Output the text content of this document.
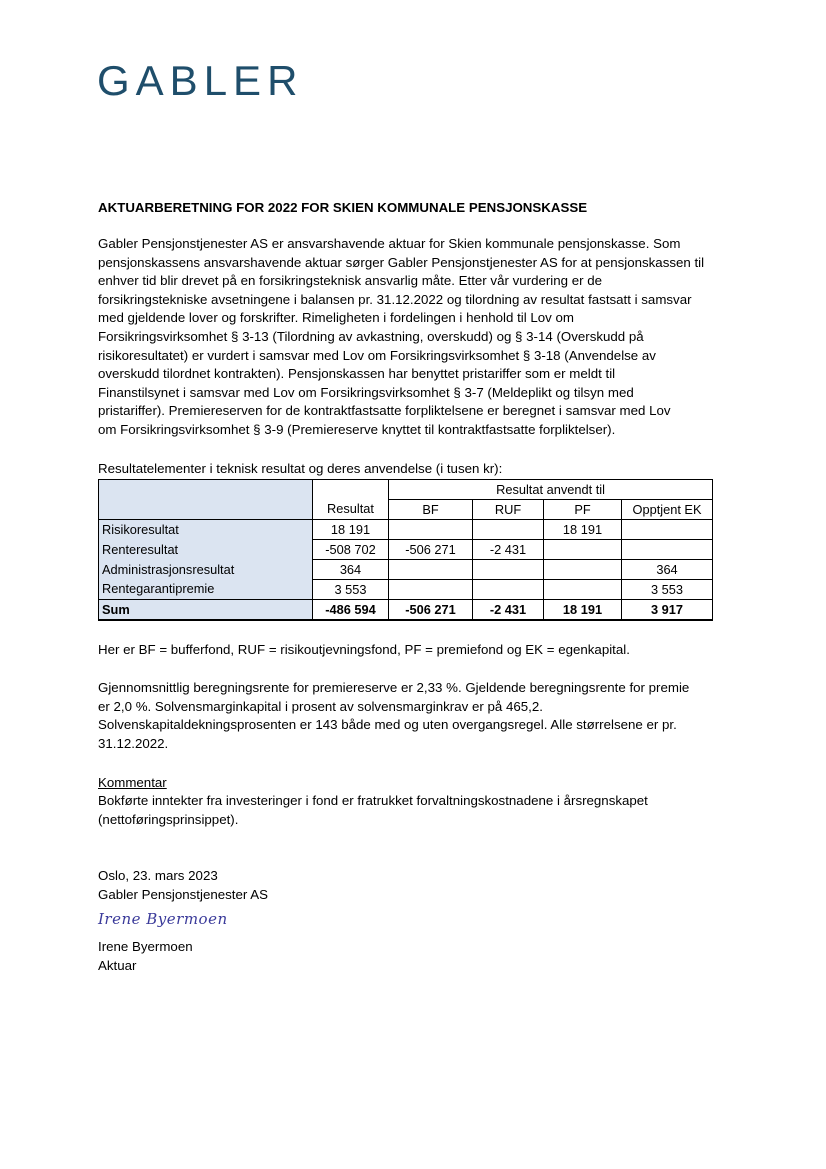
GABLER

AKTUARBERETNING FOR 2022 FOR SKIEN KOMMUNALE PENSJONSKASSE

Gabler Pensjonstjenester AS er ansvarshavende aktuar for Skien kommunale pensjonskasse. Som

pensjonskassens ansvarshavende aktuar sørger Gabler Pensjonstjenester AS for at pensjonskassen til

enhver tid blir drevet på en forsikringsteknisk ansvarlig måte. Etter vår vurdering er de

forsikringstekniske avsetningene i balansen pr. 31.12.2022 og tilordning av resultat fastsatt i samsvar

med gjeldende lover og forskrifter. Rimeligheten i fordelingen i henhold til Lov om

Forsikringsvirksomhet § 3-13 (Tilordning av avkastning, overskudd) og § 3-14 (Overskudd på

risikoresultatet) er vurdert i samsvar med Lov om Forsikringsvirksomhet § 3-18 (Anvendelse av

overskudd tilordnet kontrakten). Pensjonskassen har benyttet pristariffer som er meldt til

Finanstilsynet i samsvar med Lov om Forsikringsvirksomhet § 3-7 (Meldeplikt og tilsyn med

pristariffer). Premiereserven for de kontraktfastsatte forpliktelsene er beregnet i samsvar med Lov

om Forsikringsvirksomhet § 3-9 (Premiereserve knyttet til kontraktfastsatte forpliktelser).

Resultatelementer i teknisk resultat og deres anvendelse (i tusen kr):
		Resultat anvendt til			
	Resultat	BF	RUF	PF	Opptjent EK
Risikoresultat	18 191			18 191	
Renteresultat	-508 702	-506 271	-2 431		
Administrasjonsresultat	364				364
Rentegarantipremie	3 553				3 553
Sum	-486 594	-506 271	-2 431	18 191	3 917

Her er BF = bufferfond, RUF = risikoutjevningsfond, PF = premiefond og EK = egenkapital.

Gjennomsnittlig beregningsrente for premiereserve er 2,33 %. Gjeldende beregningsrente for premie

er 2,0 %. Solvensmarginkapital i prosent av solvensmarginkrav er på 465,2.

Solvenskapitaldekningsprosenten er 143 både med og uten overgangsregel. Alle størrelsene er pr.

31.12.2022.

Kommentar

Bokførte inntekter fra investeringer i fond er fratrukket forvaltningskostnadene i årsregnskapet

(nettoføringsprinsippet).

Oslo, 23. mars 2023

Gabler Pensjonstjenester AS

Irene Byermoen

Irene Byermoen

Aktuar
